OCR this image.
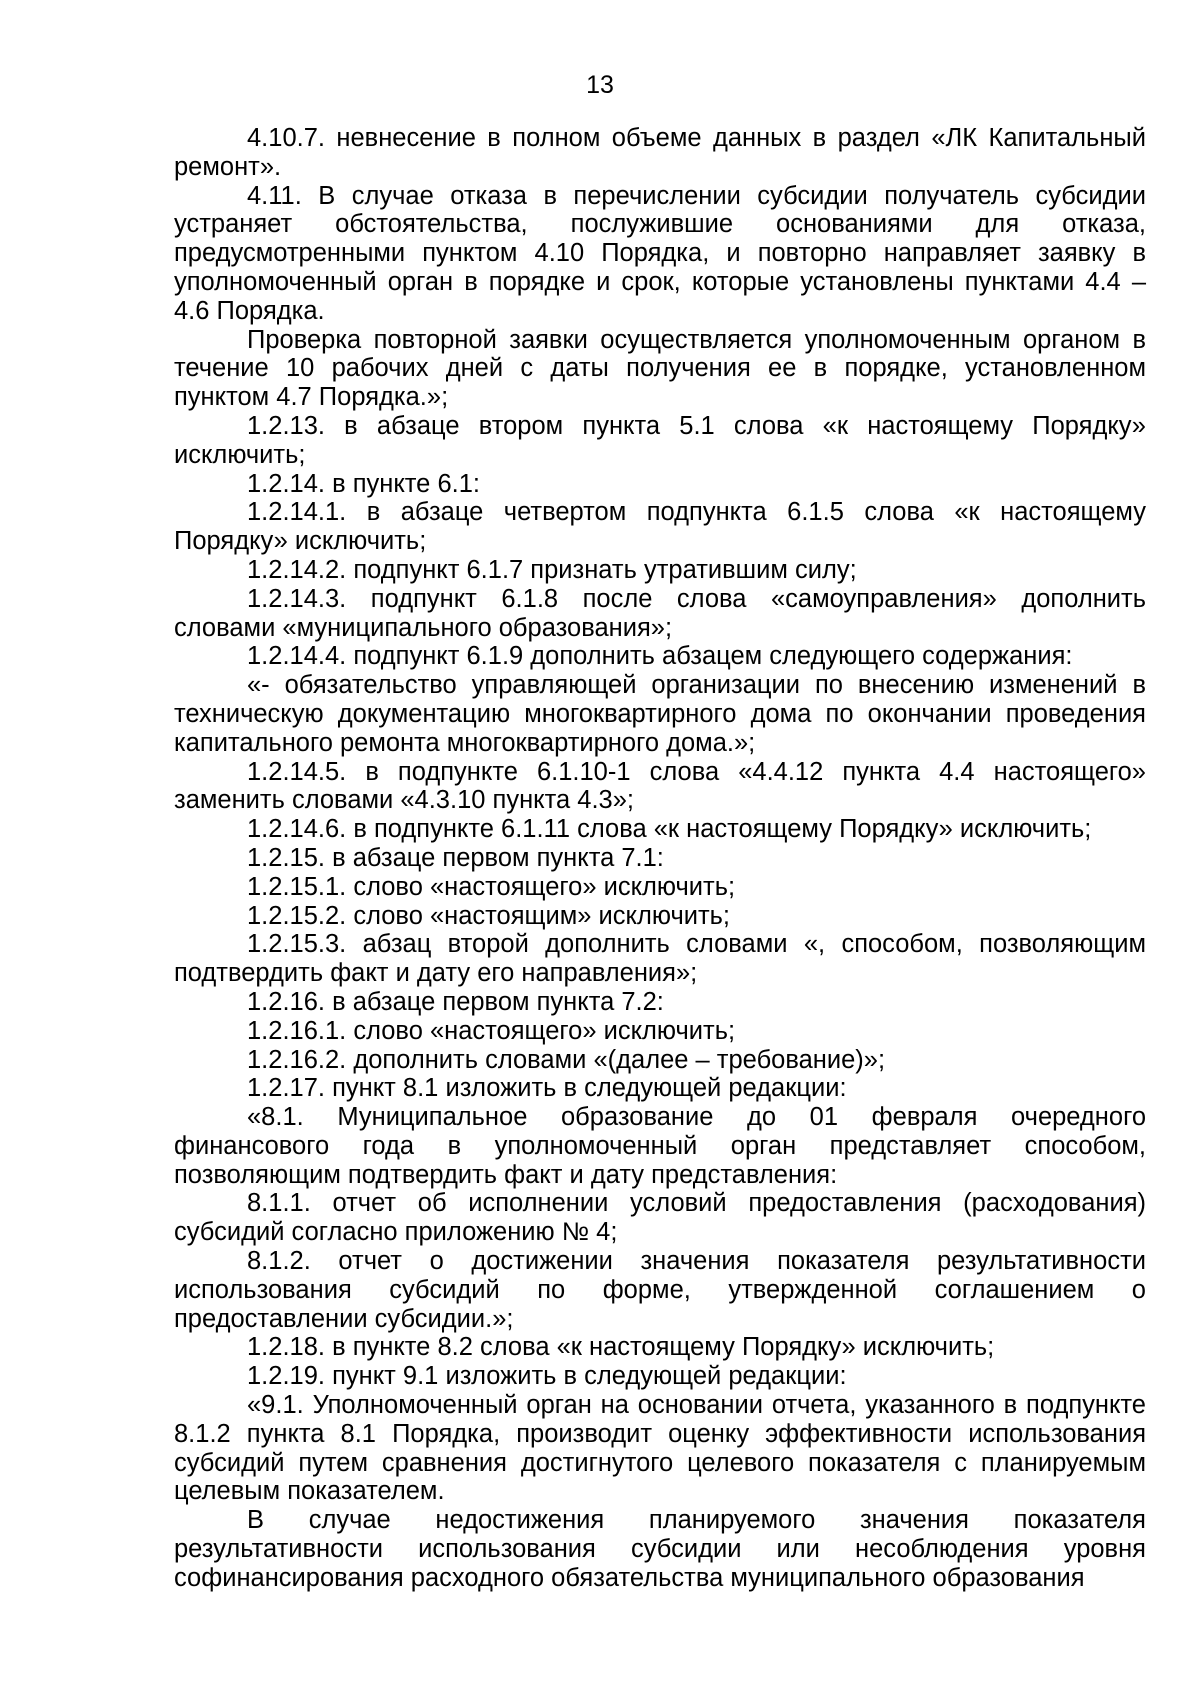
13

4.10.7. невнесение в полном объеме данных в раздел «ЛК Капитальный ремонт».

4.11. В случае отказа в перечислении субсидии получатель субсидии устраняет обстоятельства, послужившие основаниями для отказа, предусмотренными пунктом 4.10 Порядка, и повторно направляет заявку в уполномоченный орган в порядке и срок, которые установлены пунктами 4.4 – 4.6 Порядка.

Проверка повторной заявки осуществляется уполномоченным органом в течение 10 рабочих дней с даты получения ее в порядке, установленном пунктом 4.7 Порядка.»;

1.2.13. в абзаце втором пункта 5.1 слова «к настоящему Порядку» исключить;

1.2.14. в пункте 6.1:

1.2.14.1. в абзаце четвертом подпункта 6.1.5 слова «к настоящему Порядку» исключить;

1.2.14.2. подпункт 6.1.7 признать утратившим силу;

1.2.14.3. подпункт 6.1.8 после слова «самоуправления» дополнить словами «муниципального образования»;

1.2.14.4. подпункт 6.1.9 дополнить абзацем следующего содержания:

«- обязательство управляющей организации по внесению изменений в техническую документацию многоквартирного дома по окончании проведения капитального ремонта многоквартирного дома.»;

1.2.14.5. в подпункте 6.1.10-1 слова «4.4.12 пункта 4.4 настоящего» заменить словами «4.3.10 пункта 4.3»;

1.2.14.6. в подпункте 6.1.11 слова «к настоящему Порядку» исключить;

1.2.15. в абзаце первом пункта 7.1:

1.2.15.1. слово «настоящего» исключить;

1.2.15.2. слово «настоящим» исключить;

1.2.15.3. абзац второй дополнить словами «, способом, позволяющим подтвердить факт и дату его направления»;

1.2.16. в абзаце первом пункта 7.2:

1.2.16.1. слово «настоящего» исключить;

1.2.16.2. дополнить словами «(далее – требование)»;

1.2.17. пункт 8.1 изложить в следующей редакции:

«8.1. Муниципальное образование до 01 февраля очередного финансового года в уполномоченный орган представляет способом, позволяющим подтвердить факт и дату представления:

8.1.1. отчет об исполнении условий предоставления (расходования) субсидий согласно приложению № 4;

8.1.2. отчет о достижении значения показателя результативности использования субсидий по форме, утвержденной соглашением о предоставлении субсидии.»;

1.2.18. в пункте 8.2 слова «к настоящему Порядку» исключить;

1.2.19. пункт 9.1 изложить в следующей редакции:

«9.1. Уполномоченный орган на основании отчета, указанного в подпункте 8.1.2 пункта 8.1 Порядка, производит оценку эффективности использования субсидий путем сравнения достигнутого целевого показателя с планируемым целевым показателем.

В случае недостижения планируемого значения показателя результативности использования субсидии или несоблюдения уровня софинансирования расходного обязательства муниципального образования
